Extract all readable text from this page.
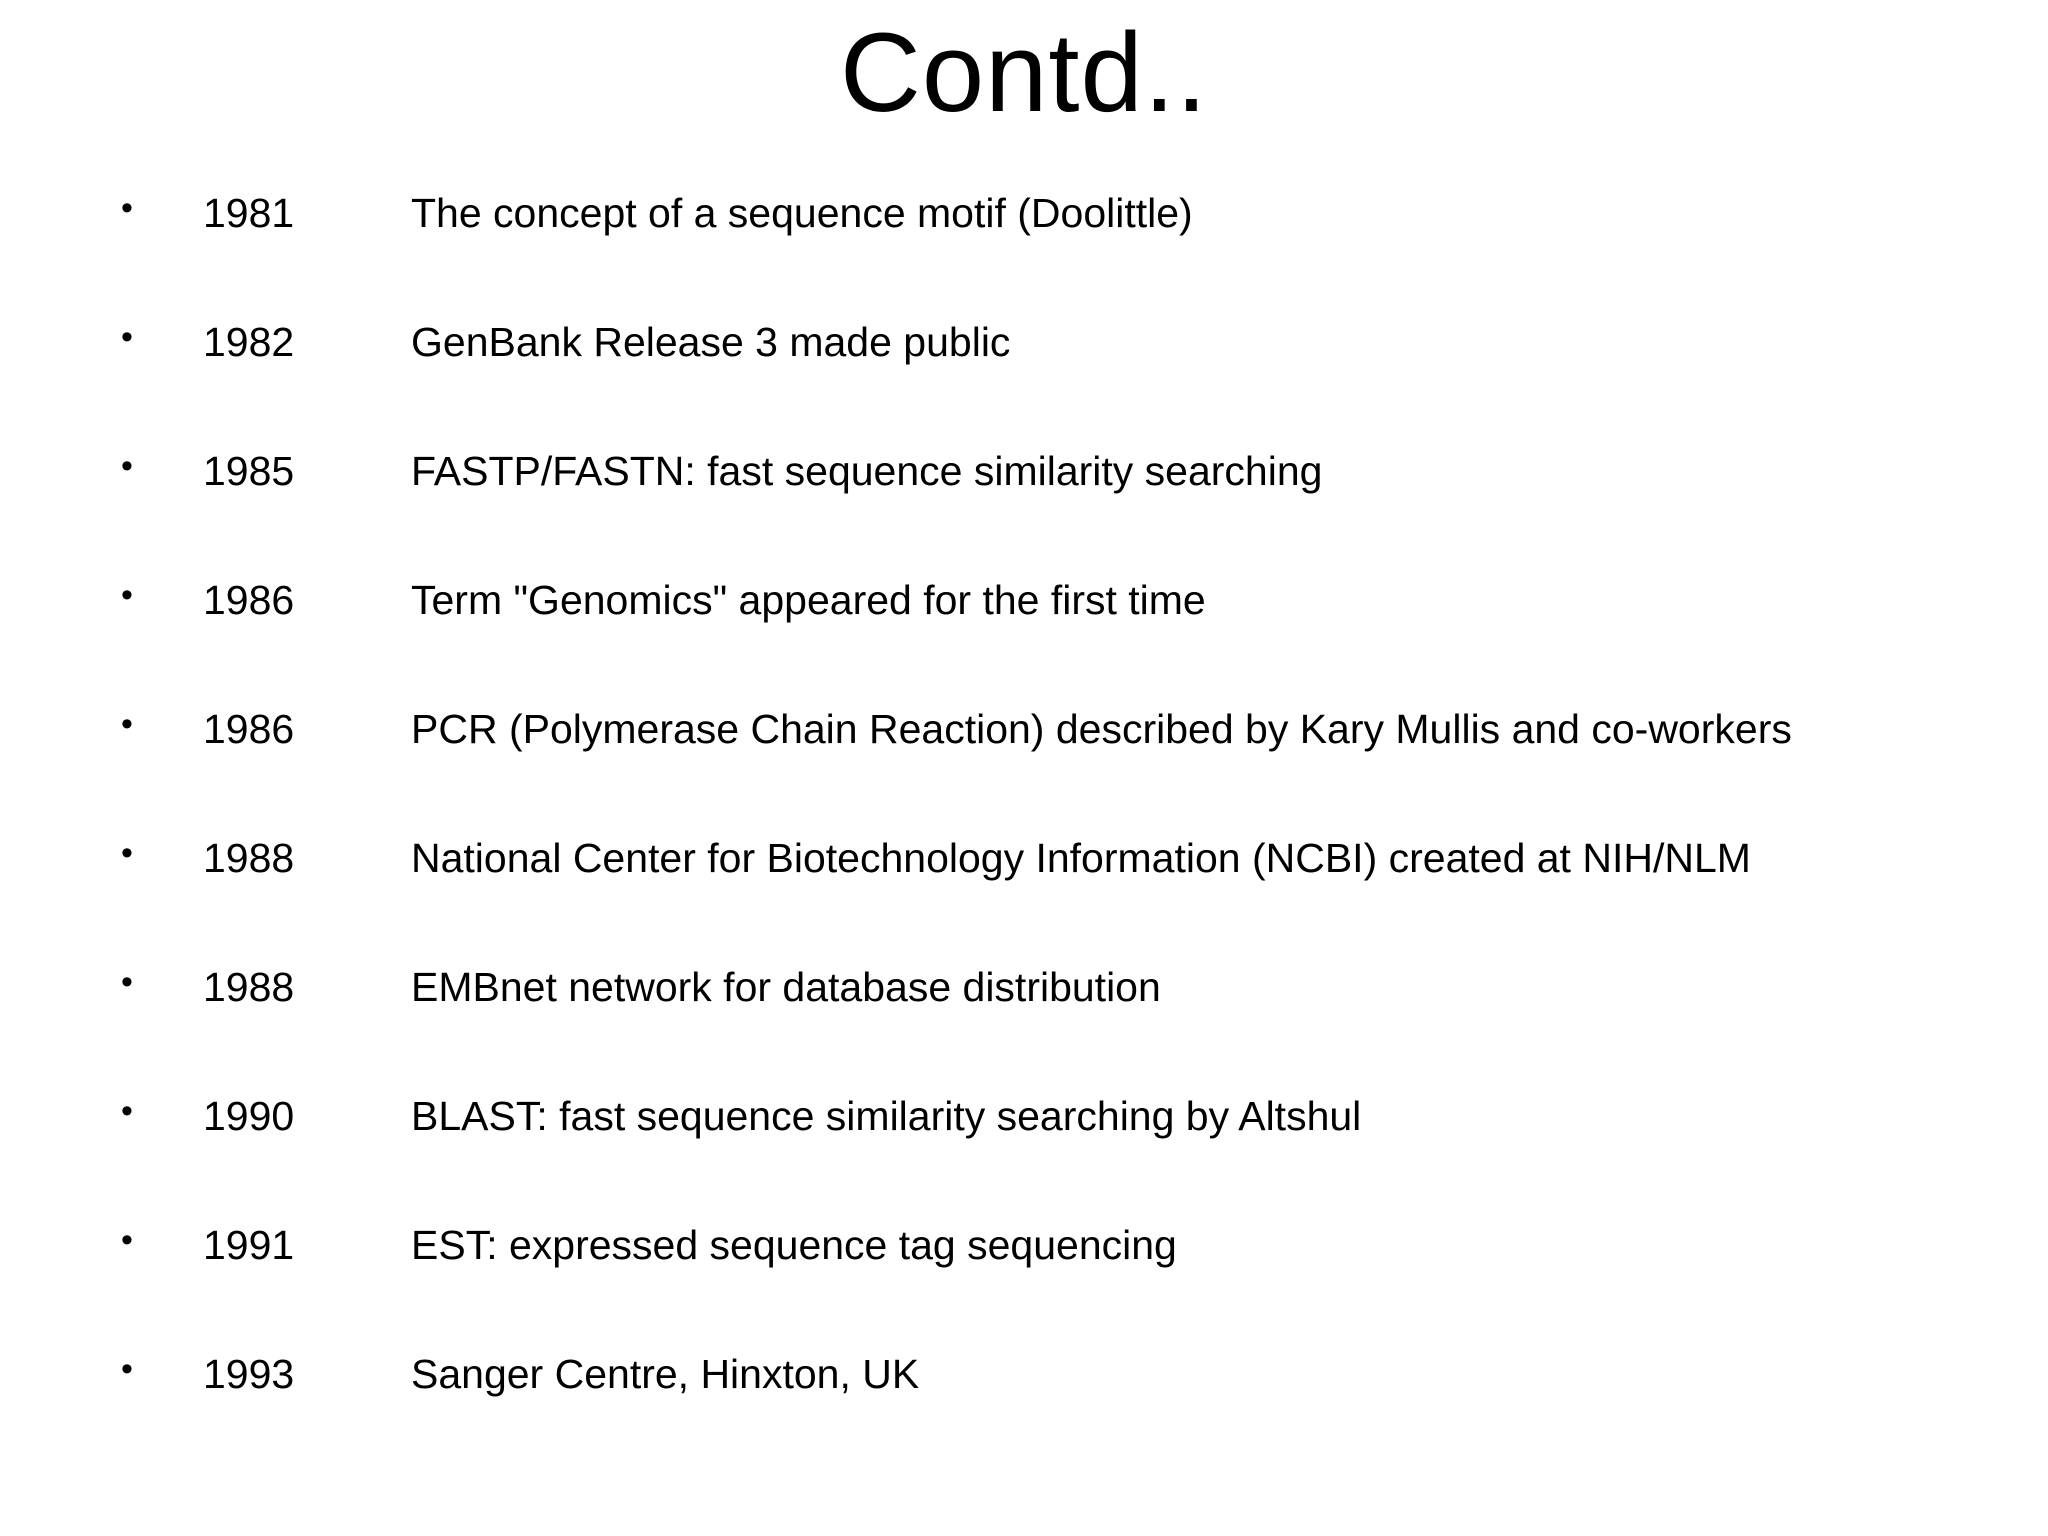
Contd..
•	1981	The concept of a sequence motif (Doolittle)
•	1982	GenBank Release 3 made public
•	1985	FASTP/FASTN: fast sequence similarity searching
•	1986	Term "Genomics" appeared for the first time
•	1986	PCR (Polymerase Chain Reaction) described by Kary Mullis and co-workers
•	1988	National Center for Biotechnology Information (NCBI) created at NIH/NLM
•	1988	EMBnet network for database distribution
•	1990	BLAST: fast sequence similarity searching by Altshul
•	1991	EST: expressed sequence tag sequencing
•	1993	Sanger Centre, Hinxton, UK
